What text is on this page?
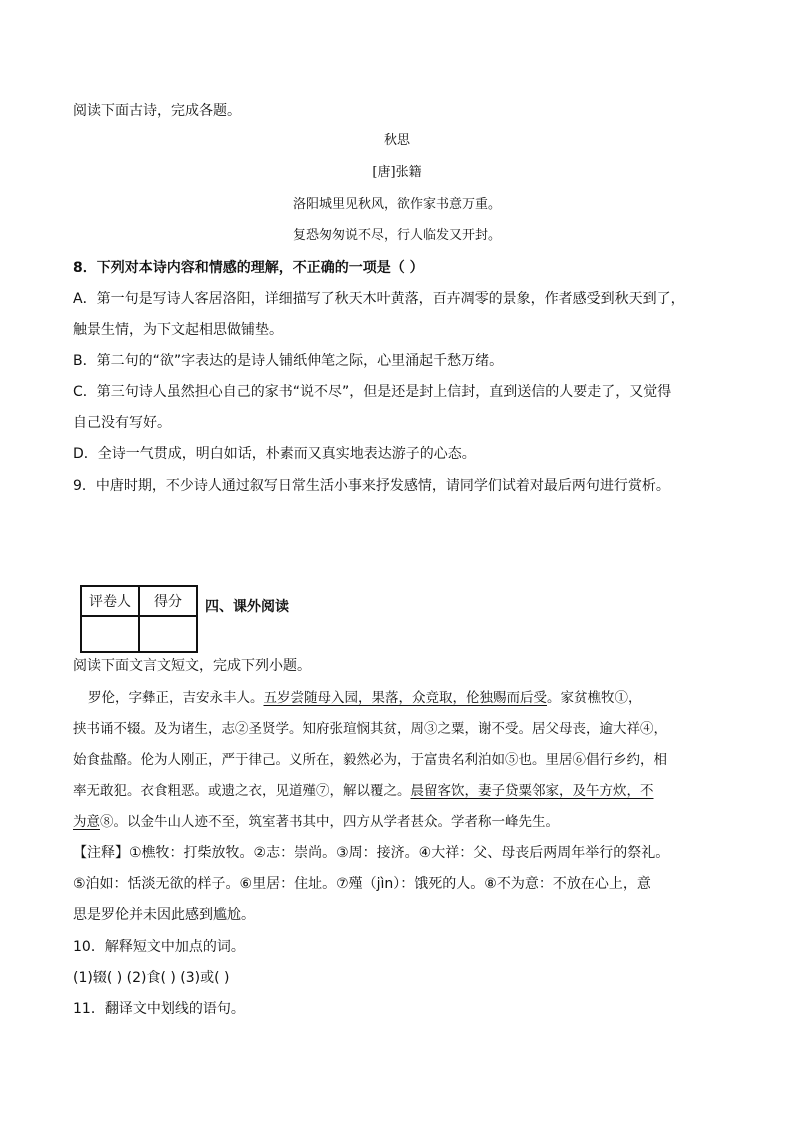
阅读下面古诗，完成各题。
秋思
[唐]张籍
洛阳城里见秋风，欲作家书意万重。
复恐匆匆说不尽，行人临发又开封。
8．下列对本诗内容和情感的理解，不正确的一项是（ ）
A．第一句是写诗人客居洛阳，详细描写了秋天木叶黄落，百卉凋零的景象，作者感受到秋天到了，
触景生情，为下文起相思做铺垫。
B．第二句的“欲”字表达的是诗人铺纸伸笔之际，心里涌起千愁万绪。
C．第三句诗人虽然担心自己的家书“说不尽”，但是还是封上信封，直到送信的人要走了，又觉得
自己没有写好。
D．全诗一气贯成，明白如话，朴素而又真实地表达游子的心态。
9．中唐时期，不少诗人通过叙写日常生活小事来抒发感情，请同学们试着对最后两句进行赏析。
评卷人	得分
	四、课外阅读
阅读下面文言文短文，完成下列小题。
罗伦，字彝正，吉安永丰人。五岁尝随母入园，果落，众竞取，伦独赐而后受。家贫樵牧①，
挟书诵不辍。及为诸生，志②圣贤学。知府张瑄悯其贫，周③之粟，谢不受。居父母丧，逾大祥④，
始食盐酪。伦为人刚正，严于律己。义所在，毅然必为，于富贵名利泊如⑤也。里居⑥倡行乡约，相
率无敢犯。衣食粗恶。或遗之衣，见道殣⑦，解以覆之。晨留客饮，妻子贷粟邻家，及午方炊，不
为意⑧。以金牛山人迹不至，筑室著书其中，四方从学者甚众。学者称一峰先生。
【注释】①樵牧：打柴放牧。②志：崇尚。③周：接济。④大祥：父、母丧后两周年举行的祭礼。
⑤泊如：恬淡无欲的样子。⑥里居：住址。⑦殣（jìn）：饿死的人。⑧不为意：不放在心上，意
思是罗伦并未因此感到尴尬。
10．解释短文中加点的词。
(1)辍( ) (2)食( ) (3)或( )
11．翻译文中划线的语句。
